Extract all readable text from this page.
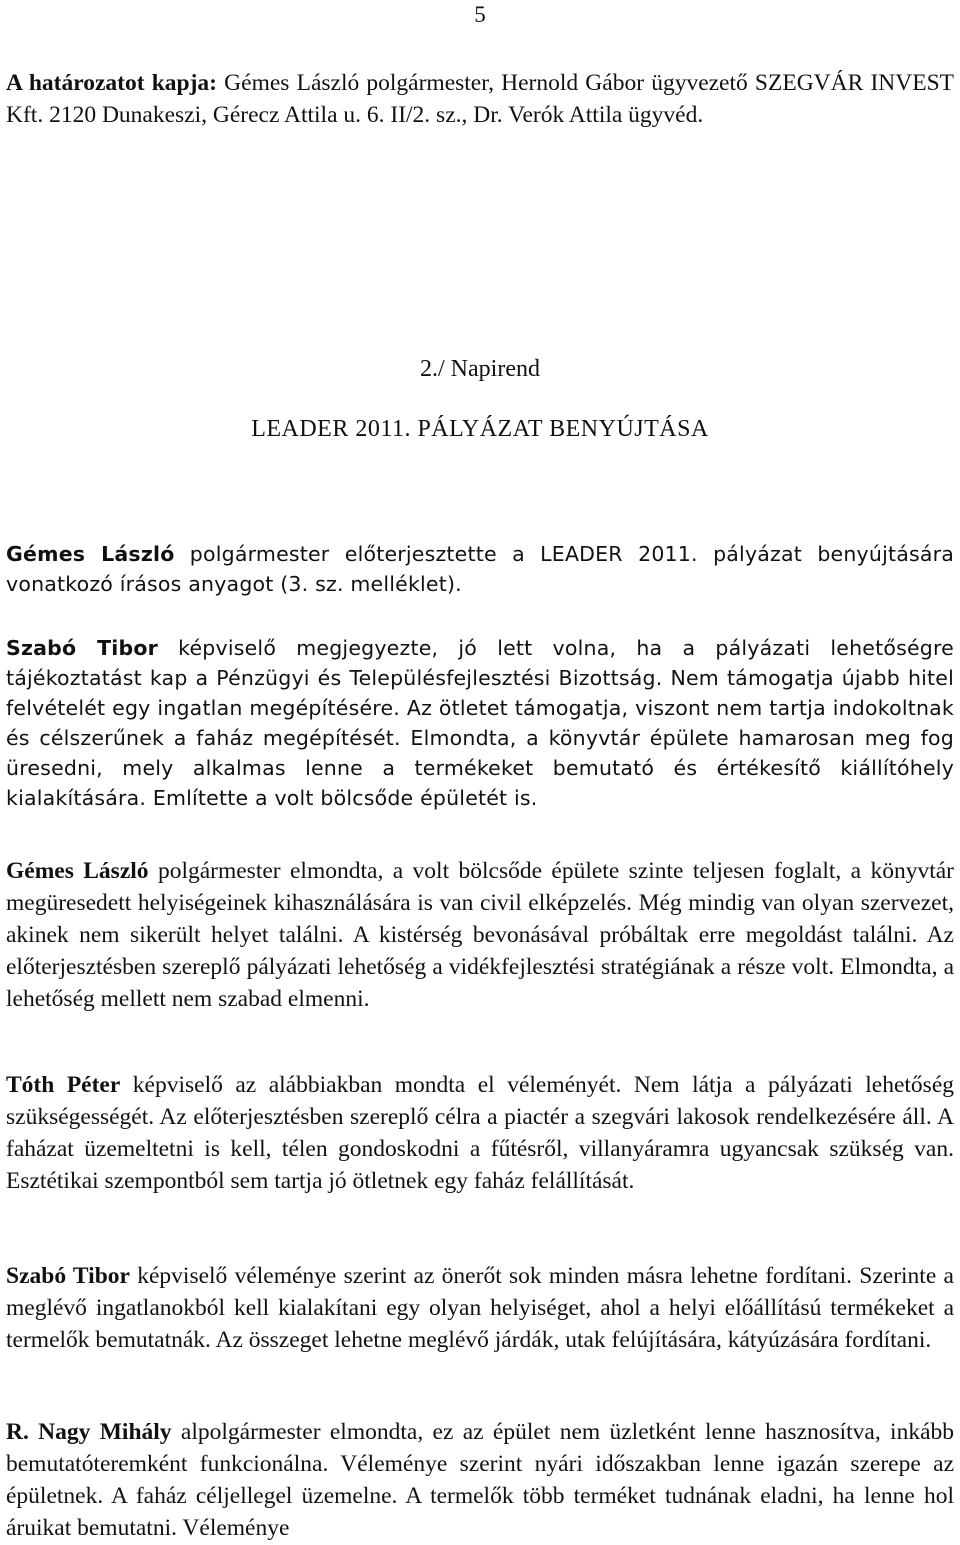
5

A határozatot kapja: Gémes László polgármester, Hernold Gábor ügyvezető SZEGVÁR INVEST Kft. 2120 Dunakeszi, Gérecz Attila u. 6. II/2. sz., Dr. Verók Attila ügyvéd.

2./ Napirend
LEADER 2011. PÁLYÁZAT BENYÚJTÁSA

Gémes László polgármester előterjesztette a LEADER 2011. pályázat benyújtására vonatkozó írásos anyagot (3. sz. melléklet).

Szabó Tibor képviselő megjegyezte, jó lett volna, ha a pályázati lehetőségre tájékoztatást kap a Pénzügyi és Településfejlesztési Bizottság. Nem támogatja újabb hitel felvételét egy ingatlan megépítésére. Az ötletet támogatja, viszont nem tartja indokoltnak és célszerűnek a faház megépítését. Elmondta, a könyvtár épülete hamarosan meg fog üresedni, mely alkalmas lenne a termékeket bemutató és értékesítő kiállítóhely kialakítására. Említette a volt bölcsőde épületét is.

Gémes László polgármester elmondta, a volt bölcsőde épülete szinte teljesen foglalt, a könyvtár megüresedett helyiségeinek kihasználására is van civil elképzelés. Még mindig van olyan szervezet, akinek nem sikerült helyet találni. A kistérség bevonásával próbáltak erre megoldást találni. Az előterjesztésben szereplő pályázati lehetőség a vidékfejlesztési stratégiának a része volt. Elmondta, a lehetőség mellett nem szabad elmenni.

Tóth Péter képviselő az alábbiakban mondta el véleményét. Nem látja a pályázati lehetőség szükségességét. Az előterjesztésben szereplő célra a piactér a szegvári lakosok rendelkezésére áll. A faházat üzemeltetni is kell, télen gondoskodni a fűtésről, villanyáramra ugyancsak szükség van. Esztétikai szempontból sem tartja jó ötletnek egy faház felállítását.

Szabó Tibor képviselő véleménye szerint az önerőt sok minden másra lehetne fordítani. Szerinte a meglévő ingatlanokból kell kialakítani egy olyan helyiséget, ahol a helyi előállítású termékeket a termelők bemutatnák. Az összeget lehetne meglévő járdák, utak felújítására, kátyúzására fordítani.

R. Nagy Mihály alpolgármester elmondta, ez az épület nem üzletként lenne hasznosítva, inkább bemutatóteremként funkcionálna. Véleménye szerint nyári időszakban lenne igazán szerepe az épületnek. A faház céljellegel üzemelne. A termelők több terméket tudnának eladni, ha lenne hol áruikat bemutatni. Véleménye
